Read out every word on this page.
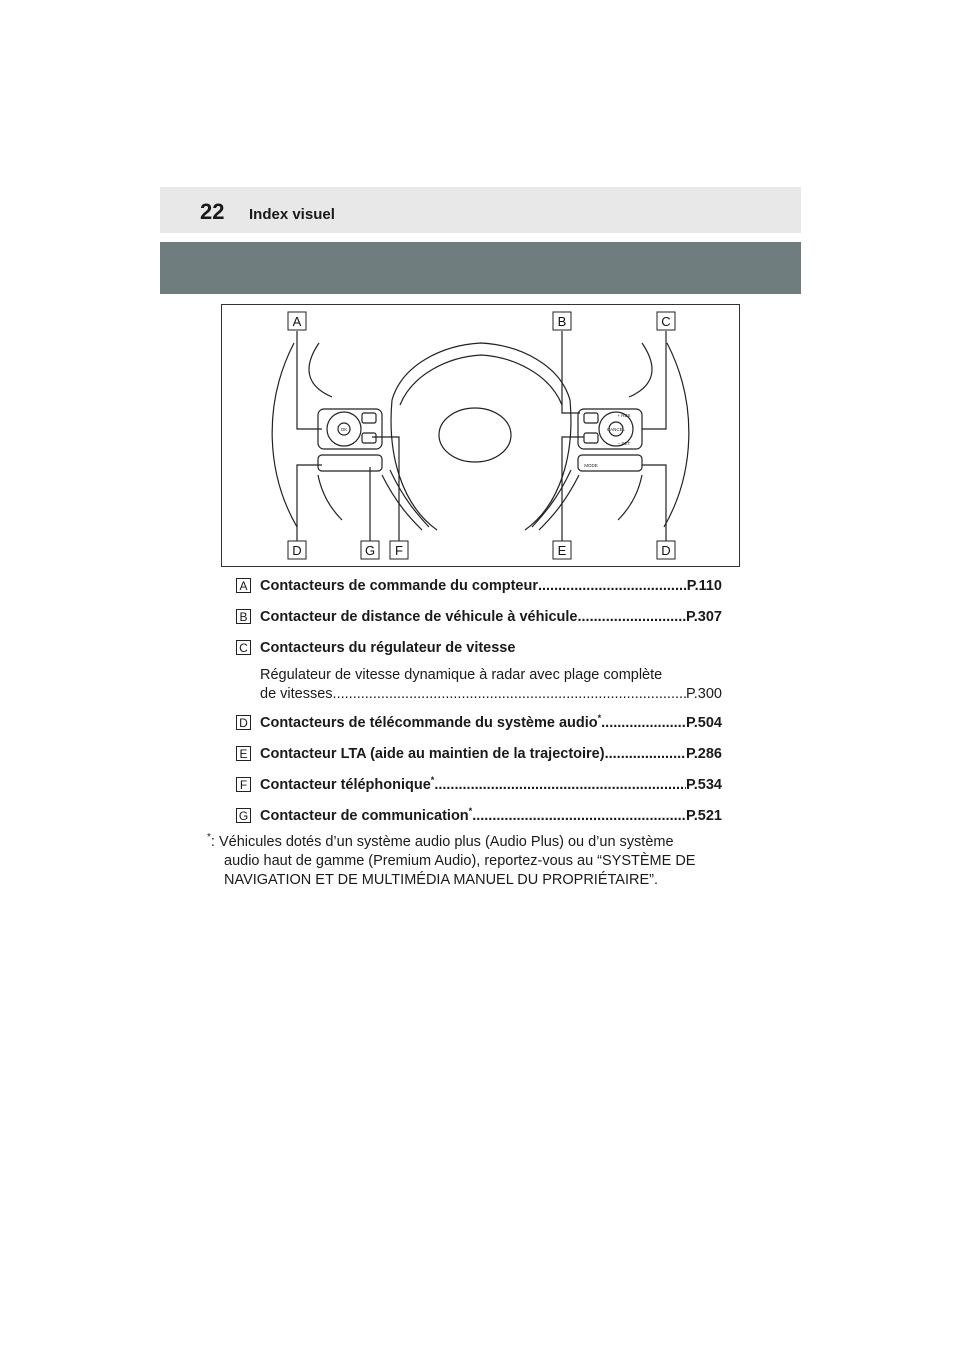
22 Index visuel
A	B	C
D	G F	E	D
OK
MODE
+ RES
– SET
CANCEL
A Contacteurs de commande du compteur .....	P.110
B Contacteur de distance de véhicule à véhicule .....	P.307
C Contacteurs du régulateur de vitesse
Régulateur de vitesse dynamique à radar avec plage complète
de vitesses .....	P.300
D Contacteurs de télécommande du système audio* .....	P.504
E Contacteur LTA (aide au maintien de la trajectoire) .....	P.286
F Contacteur téléphonique* .....	P.534
G Contacteur de communication* .....	P.521
*: Véhicules dotés d’un système audio plus (Audio Plus) ou d’un système
audio haut de gamme (Premium Audio), reportez-vous au “SYSTÈME DE
NAVIGATION ET DE MULTIMÉDIA MANUEL DU PROPRIÉTAIRE”.
